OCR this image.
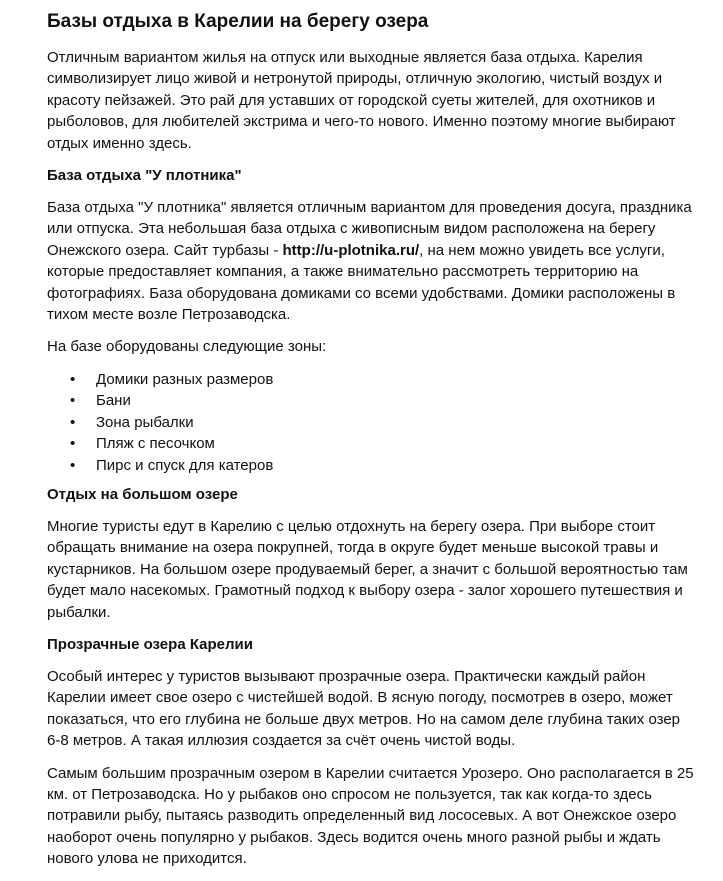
Базы отдыха в Карелии на берегу озера

Отличным вариантом жилья на отпуск или выходные является база отдыха. Карелия символизирует лицо живой и нетронутой природы, отличную экологию, чистый воздух и красоту пейзажей. Это рай для уставших от городской суеты жителей, для охотников и рыболовов, для любителей экстрима и чего-то нового. Именно поэтому многие выбирают отдых именно здесь.

База отдыха "У плотника"

База отдыха "У плотника" является отличным вариантом для проведения досуга, праздника или отпуска. Эта небольшая база отдыха с живописным видом расположена на берегу Онежского озера. Сайт турбазы - http://u-plotnika.ru/, на нем можно увидеть все услуги, которые предоставляет компания, а также внимательно рассмотреть территорию на фотографиях. База оборудована домиками со всеми удобствами. Домики расположены в тихом месте возле Петрозаводска.

На базе оборудованы следующие зоны:

• Домики разных размеров
• Бани
• Зона рыбалки
• Пляж с песочком
• Пирс и спуск для катеров
Отдых на большом озере

Многие туристы едут в Карелию с целью отдохнуть на берегу озера. При выборе стоит обращать внимание на озера покрупней, тогда в округе будет меньше высокой травы и кустарников. На большом озере продуваемый берег, а значит с большой вероятностью там будет мало насекомых. Грамотный подход к выбору озера - залог хорошего путешествия и рыбалки.

Прозрачные озера Карелии

Особый интерес у туристов вызывают прозрачные озера. Практически каждый район Карелии имеет свое озеро с чистейшей водой. В ясную погоду, посмотрев в озеро, может показаться, что его глубина не больше двух метров. Но на самом деле глубина таких озер 6-8 метров. А такая иллюзия создается за счёт очень чистой воды.

Самым большим прозрачным озером в Карелии считается Урозеро. Оно располагается в 25 км. от Петрозаводска. Но у рыбаков оно спросом не пользуется, так как когда-то здесь потравили рыбу, пытаясь разводить определенный вид лососевых. А вот Онежское озеро наоборот очень популярно у рыбаков. Здесь водится очень много разной рыбы и ждать нового улова не приходится.
